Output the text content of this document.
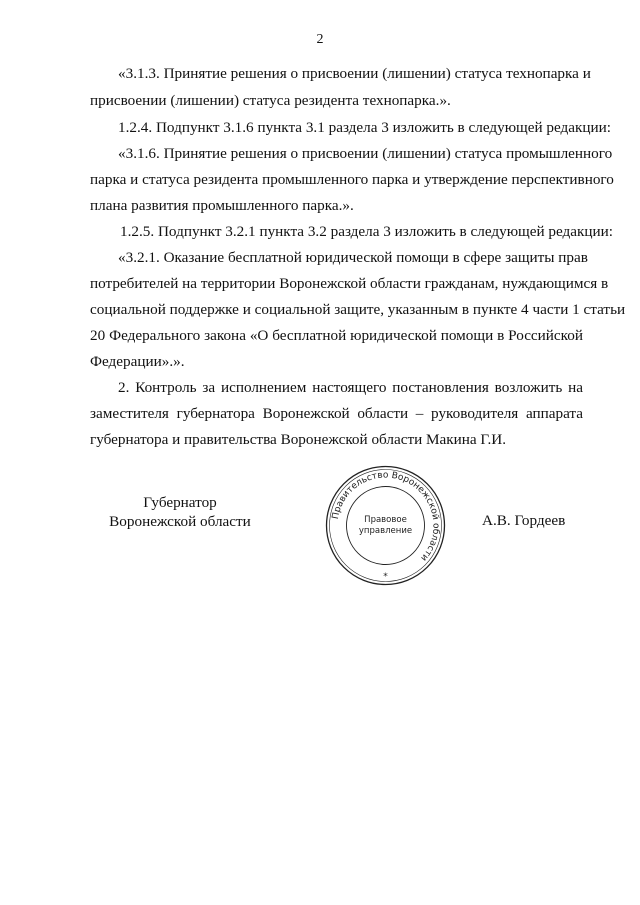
2
«3.1.3. Принятие решения о присвоении (лишении) статуса технопарка и
присвоении (лишении) статуса резидента технопарка.».
1.2.4. Подпункт 3.1.6 пункта 3.1 раздела 3 изложить в следующей редакции:
«3.1.6. Принятие решения о присвоении (лишении) статуса промышленного
парка и статуса резидента промышленного парка и утверждение перспективного
плана развития промышленного парка.».
1.2.5. Подпункт 3.2.1 пункта 3.2 раздела 3 изложить в следующей редакции:
«3.2.1. Оказание бесплатной юридической помощи в сфере защиты прав
потребителей на территории Воронежской области гражданам, нуждающимся в
социальной поддержке и социальной защите, указанным в пункте 4 части 1 статьи
20 Федерального закона «О бесплатной юридической помощи в Российской
Федерации».».
2. Контроль за исполнением настоящего постановления возложить на
заместителя губернатора Воронежской области – руководителя аппарата
губернатора и правительства Воронежской области Макина Г.И.
Губернатор
Воронежской области	А.В. Гордеев
Правительство Воронежской области
Правовое
управление
*
